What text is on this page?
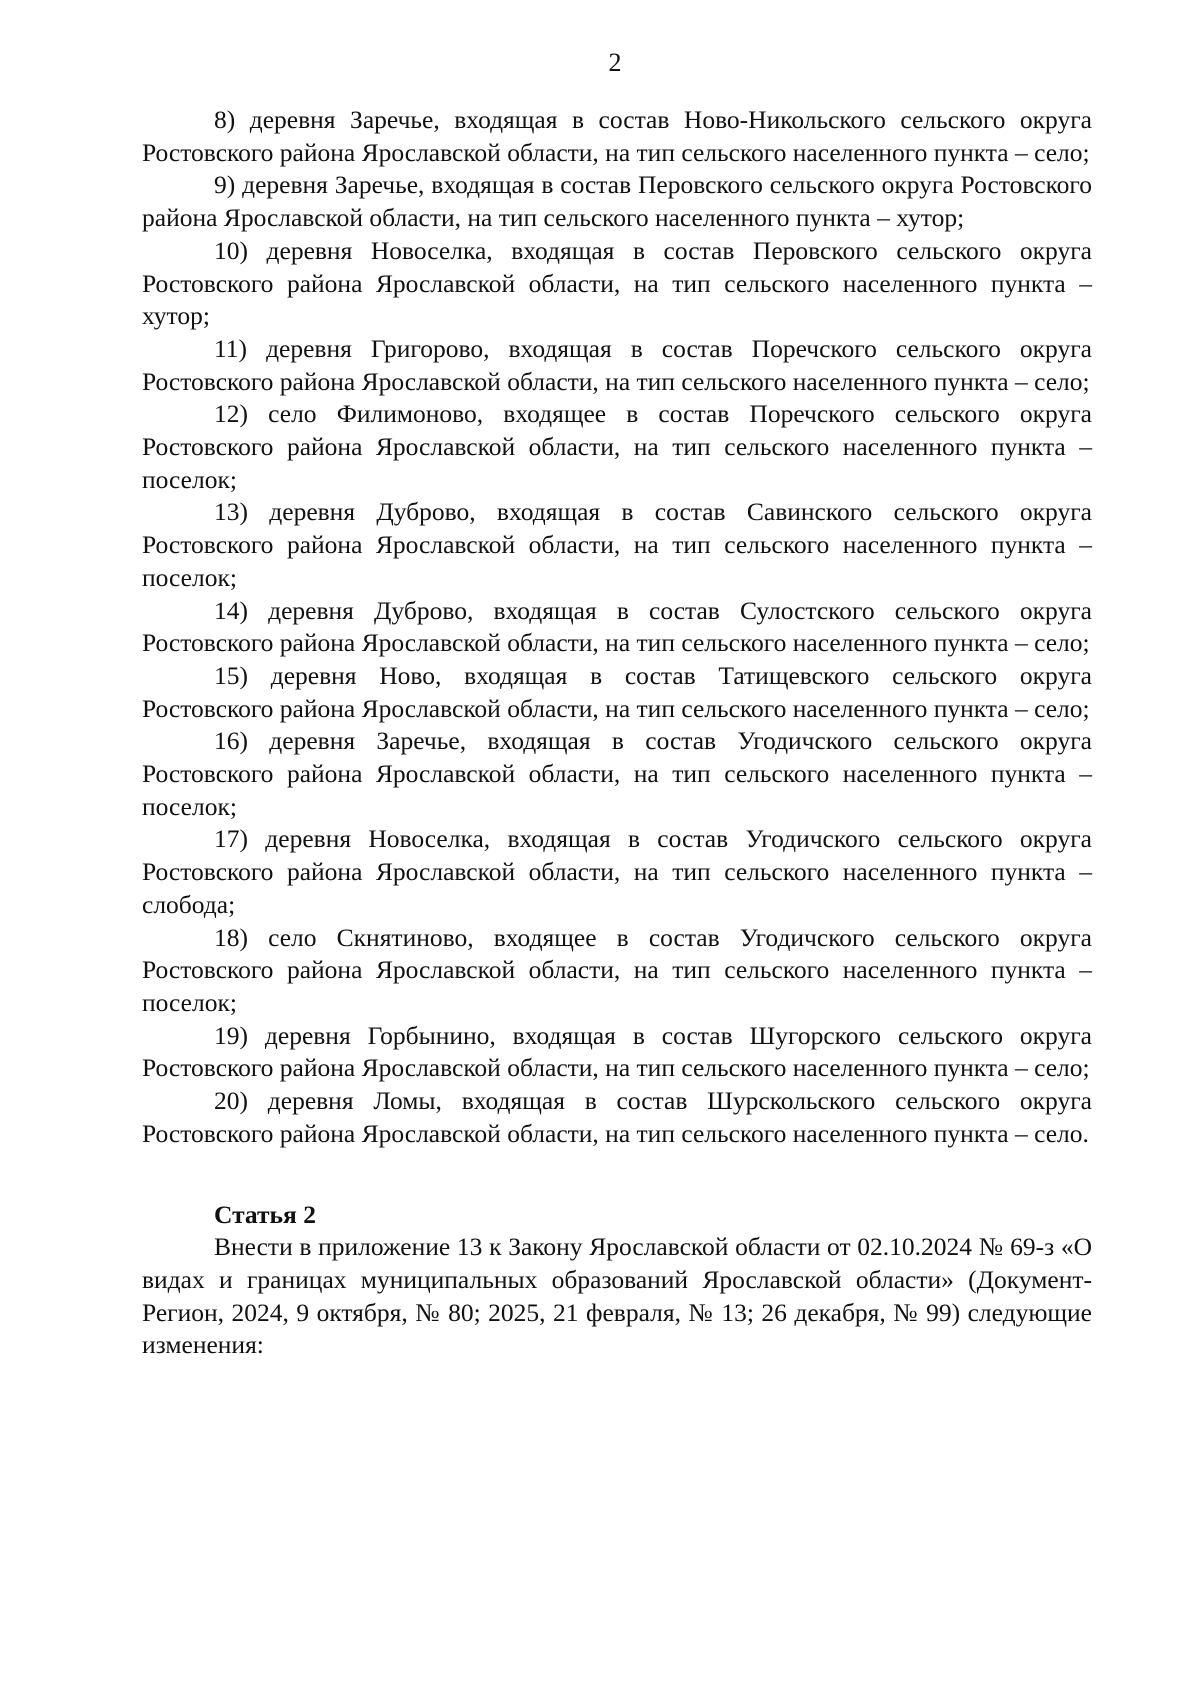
2

8) деревня Заречье, входящая в состав Ново-Никольского сельского округа Ростовского района Ярославской области, на тип сельского населенного пункта – село;

9) деревня Заречье, входящая в состав Перовского сельского округа Ростовского района Ярославской области, на тип сельского населенного пункта – хутор;

10) деревня Новоселка, входящая в состав Перовского сельского округа Ростовского района Ярославской области, на тип сельского населенного пункта – хутор;

11) деревня Григорово, входящая в состав Поречского сельского округа Ростовского района Ярославской области, на тип сельского населенного пункта – село;

12) село Филимоново, входящее в состав Поречского сельского округа Ростовского района Ярославской области, на тип сельского населенного пункта – поселок;

13) деревня Дуброво, входящая в состав Савинского сельского округа Ростовского района Ярославской области, на тип сельского населенного пункта – поселок;

14) деревня Дуброво, входящая в состав Сулостского сельского округа Ростовского района Ярославской области, на тип сельского населенного пункта – село;

15) деревня Ново, входящая в состав Татищевского сельского округа Ростовского района Ярославской области, на тип сельского населенного пункта – село;

16) деревня Заречье, входящая в состав Угодичского сельского округа Ростовского района Ярославской области, на тип сельского населенного пункта – поселок;

17) деревня Новоселка, входящая в состав Угодичского сельского округа Ростовского района Ярославской области, на тип сельского населенного пункта – слобода;

18) село Скнятиново, входящее в состав Угодичского сельского округа Ростовского района Ярославской области, на тип сельского населенного пункта – поселок;

19) деревня Горбынино, входящая в состав Шугорского сельского округа Ростовского района Ярославской области, на тип сельского населенного пункта – село;

20) деревня Ломы, входящая в состав Шурскольского сельского округа Ростовского района Ярославской области, на тип сельского населенного пункта – село.

Статья 2

Внести в приложение 13 к Закону Ярославской области от 02.10.2024 № 69-з «О видах и границах муниципальных образований Ярославской области» (Документ-Регион, 2024, 9 октября, № 80; 2025, 21 февраля, № 13; 26 декабря, № 99) следующие изменения:
